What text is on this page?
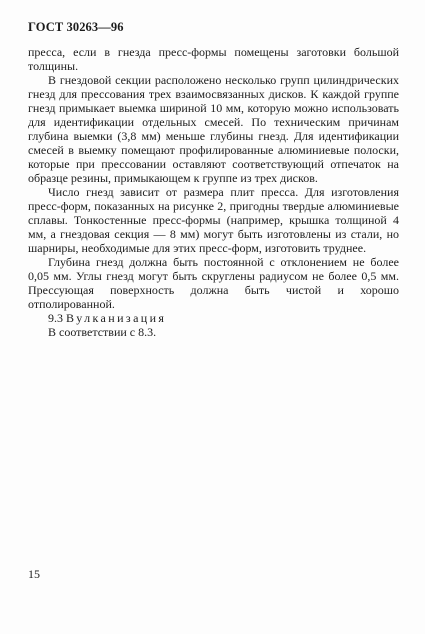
ГОСТ 30263—96

пресса, если в гнезда пресс-формы помещены заготовки большой толщины.

В гнездовой секции расположено несколько групп цилиндрических гнезд для прессования трех взаимосвязанных дисков. К каждой группе гнезд примыкает выемка шириной 10 мм, которую можно использовать для идентификации отдельных смесей. По техническим причинам глубина выемки (3,8 мм) меньше глубины гнезд. Для идентификации смесей в выемку помещают профилированные алюминиевые полоски, которые при прессовании оставляют соответствующий отпечаток на образце резины, примыкающем к группе из трех дисков.

Число гнезд зависит от размера плит пресса. Для изготовления пресс-форм, показанных на рисунке 2, пригодны твердые алюминиевые сплавы. Тонкостенные пресс-формы (например, крышка толщиной 4 мм, а гнездовая секция — 8 мм) могут быть изготовлены из стали, но шарниры, необходимые для этих пресс-форм, изготовить труднее.

Глубина гнезд должна быть постоянной с отклонением не более 0,05 мм. Углы гнезд могут быть скруглены радиусом не более 0,5 мм. Прессующая поверхность должна быть чистой и хорошо отполированной.

9.3 Вулканизация

В соответствии с 8.3.

15
